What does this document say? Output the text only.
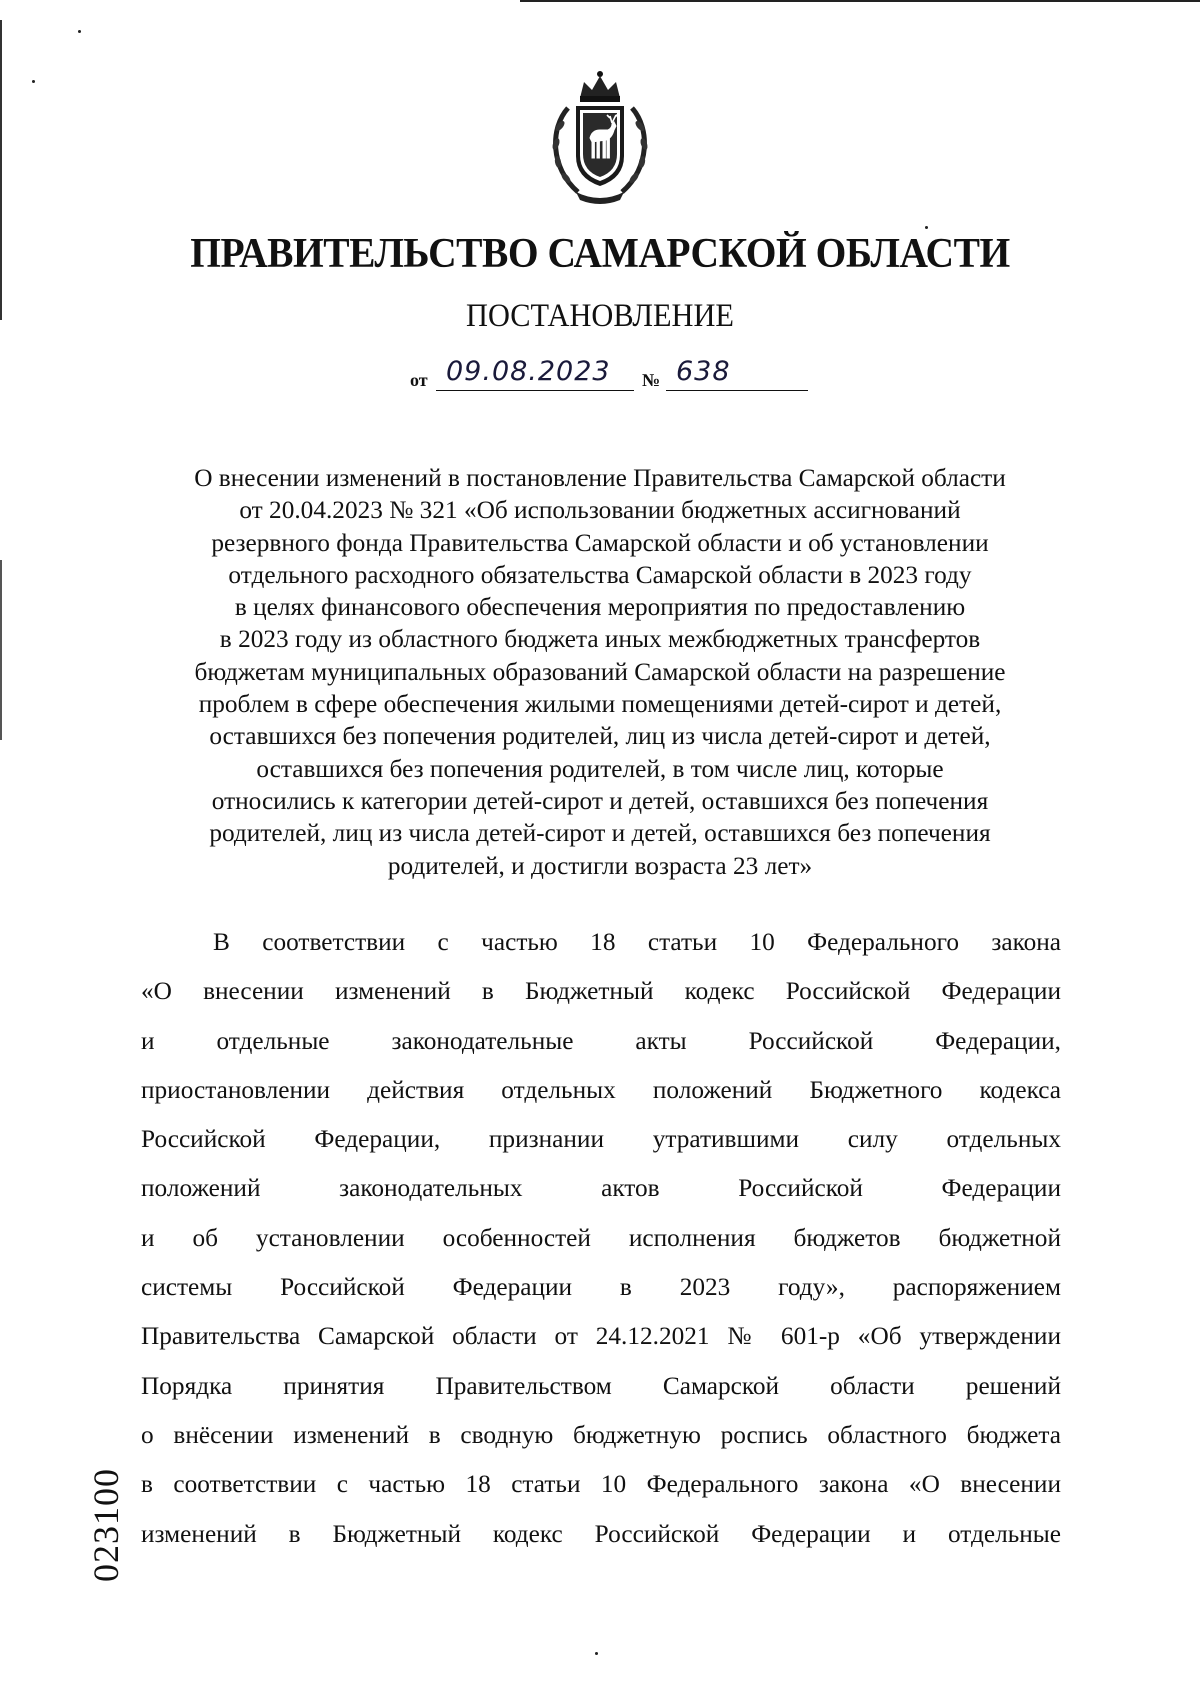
ПРАВИТЕЛЬСТВО САМАРСКОЙ ОБЛАСТИ
ПОСТАНОВЛЕНИЕ
от 09.08.2023 № 638
О внесении изменений в постановление Правительства Самарской области
от 20.04.2023 № 321 «Об использовании бюджетных ассигнований
резервного фонда Правительства Самарской области и об установлении
отдельного расходного обязательства Самарской области в 2023 году
в целях финансового обеспечения мероприятия по предоставлению
в 2023 году из областного бюджета иных межбюджетных трансфертов
бюджетам муниципальных образований Самарской области на разрешение
проблем в сфере обеспечения жилыми помещениями детей-сирот и детей,
оставшихся без попечения родителей, лиц из числа детей-сирот и детей,
оставшихся без попечения родителей, в том числе лиц, которые
относились к категории детей-сирот и детей, оставшихся без попечения
родителей, лиц из числа детей-сирот и детей, оставшихся без попечения
родителей, и достигли возраста 23 лет»
В соответствии с частью 18 статьи 10 Федерального закона
«О внесении изменений в Бюджетный кодекс Российской Федерации
и отдельные законодательные акты Российской Федерации,
приостановлении действия отдельных положений Бюджетного кодекса
Российской Федерации, признании утратившими силу отдельных
положений законодательных актов Российской Федерации
и об установлении особенностей исполнения бюджетов бюджетной
системы Российской Федерации в 2023 году», распоряжением
Правительства Самарской области от 24.12.2021 № 601-р «Об утверждении
Порядка принятия Правительством Самарской области решений
о внёсении изменений в сводную бюджетную роспись областного бюджета
в соответствии с частью 18 статьи 10 Федерального закона «О внесении
изменений в Бюджетный кодекс Российской Федерации и отдельные
023100
